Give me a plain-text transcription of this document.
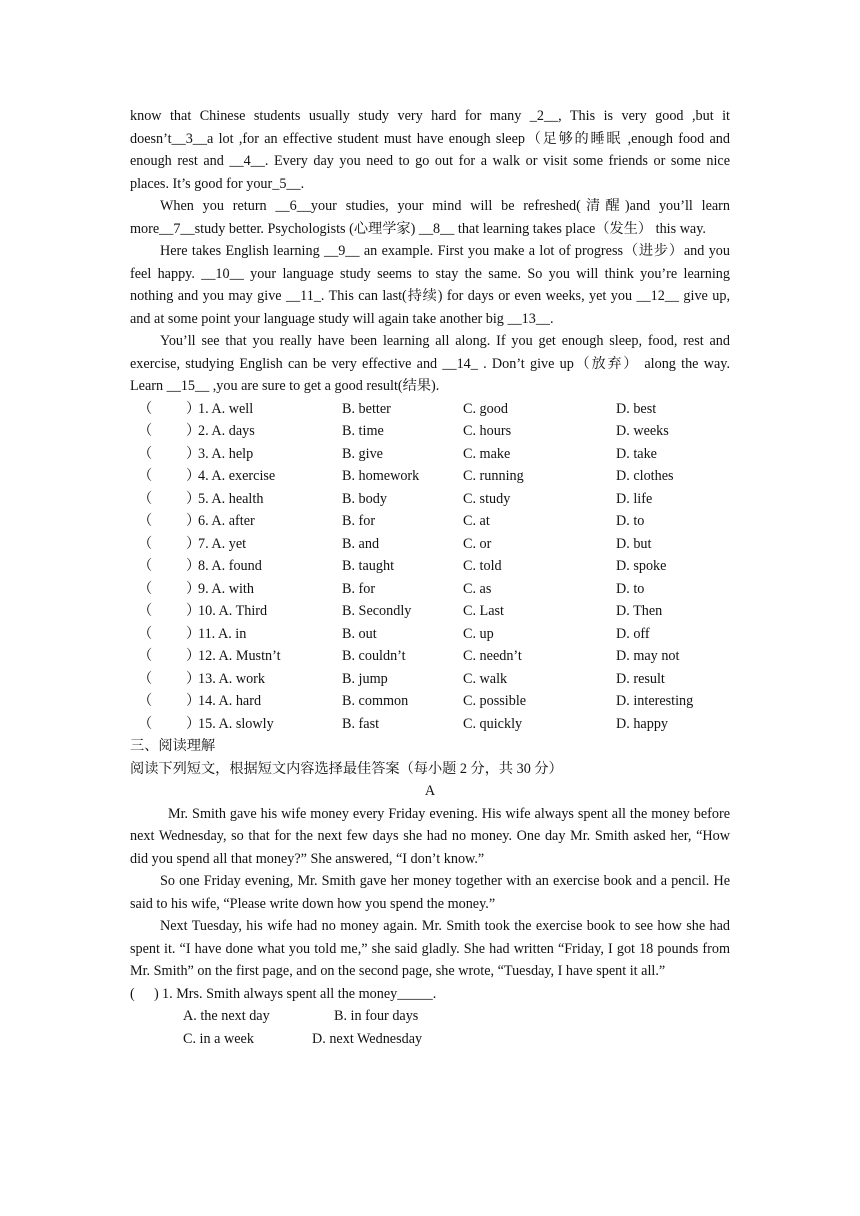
know that Chinese students usually study very hard for many _2__, This is very good ,but it doesn’t__3__a lot ,for an effective student must have enough sleep（足够的睡眠 ,enough food and enough rest and __4__. Every day you need to go out for a walk or visit some friends or some nice places. It’s good for your_5__.

When you return __6__your studies, your mind will be refreshed(清醒)and you’ll learn more__7__study better. Psychologists (心理学家) __8__ that learning takes place（发生） this way.

Here takes English learning __9__ an example. First you make a lot of progress（进步）and you feel happy. __10__ your language study seems to stay the same. So you will think you’re learning nothing and you may give __11_. This can last(持续) for days or even weeks, yet you __12__ give up, and at some point your language study will again take another big __13__.

You’ll see that you really have been learning all along. If you get enough sleep, food, rest and exercise, studying English can be very effective and __14_ . Don’t give up（放弃） along the way. Learn __15__ ,you are sure to get a good result(结果).

（ ）
1. A. well	B. better	C. good	D. best
（ ）
2. A. days	B. time	C. hours	D. weeks
（ ）
3. A. help	B. give	C. make	D. take
（ ）
4. A. exercise	B. homework	C. running	D. clothes
（ ）
5. A. health	B. body	C. study	D. life
（ ）
6. A. after	B. for	C. at	D. to
（ ）
7. A. yet	B. and	C. or	D. but
（ ）
8. A. found	B. taught	C. told	D. spoke
（ ）
9. A. with	B. for	C. as	D. to
（ ）
10. A. Third	B. Secondly	C. Last	D. Then
（ ）
11. A. in	B. out	C. up	D. off
（ ）
12. A. Mustn’t	B. couldn’t	C. needn’t	D. may not
（ ）
13. A. work	B. jump	C. walk	D. result
（ ）
14. A. hard	B. common	C. possible	D. interesting
（ ）
15. A. slowly	B. fast	C. quickly	D. happy

三、阅读理解

阅读下列短文，根据短文内容选择最佳答案（每小题 2 分，共 30 分）

A

Mr. Smith gave his wife money every Friday evening. His wife always spent all the money before next Wednesday, so that for the next few days she had no money. One day Mr. Smith asked her, “How did you spend all that money?” She answered, “I don’t know.”

So one Friday evening, Mr. Smith gave her money together with an exercise book and a pencil. He said to his wife, “Please write down how you spend the money.”

Next Tuesday, his wife had no money again. Mr. Smith took the exercise book to see how she had spent it. “I have done what you told me,” she said gladly. She had written “Friday, I got 18 pounds from Mr. Smith” on the first page, and on the second page, she wrote, “Tuesday, I have spent it all.”

( ) 1. Mrs. Smith always spent all the money_____.
A. the next day	B. in four days
C. in a week	D. next Wednesday
